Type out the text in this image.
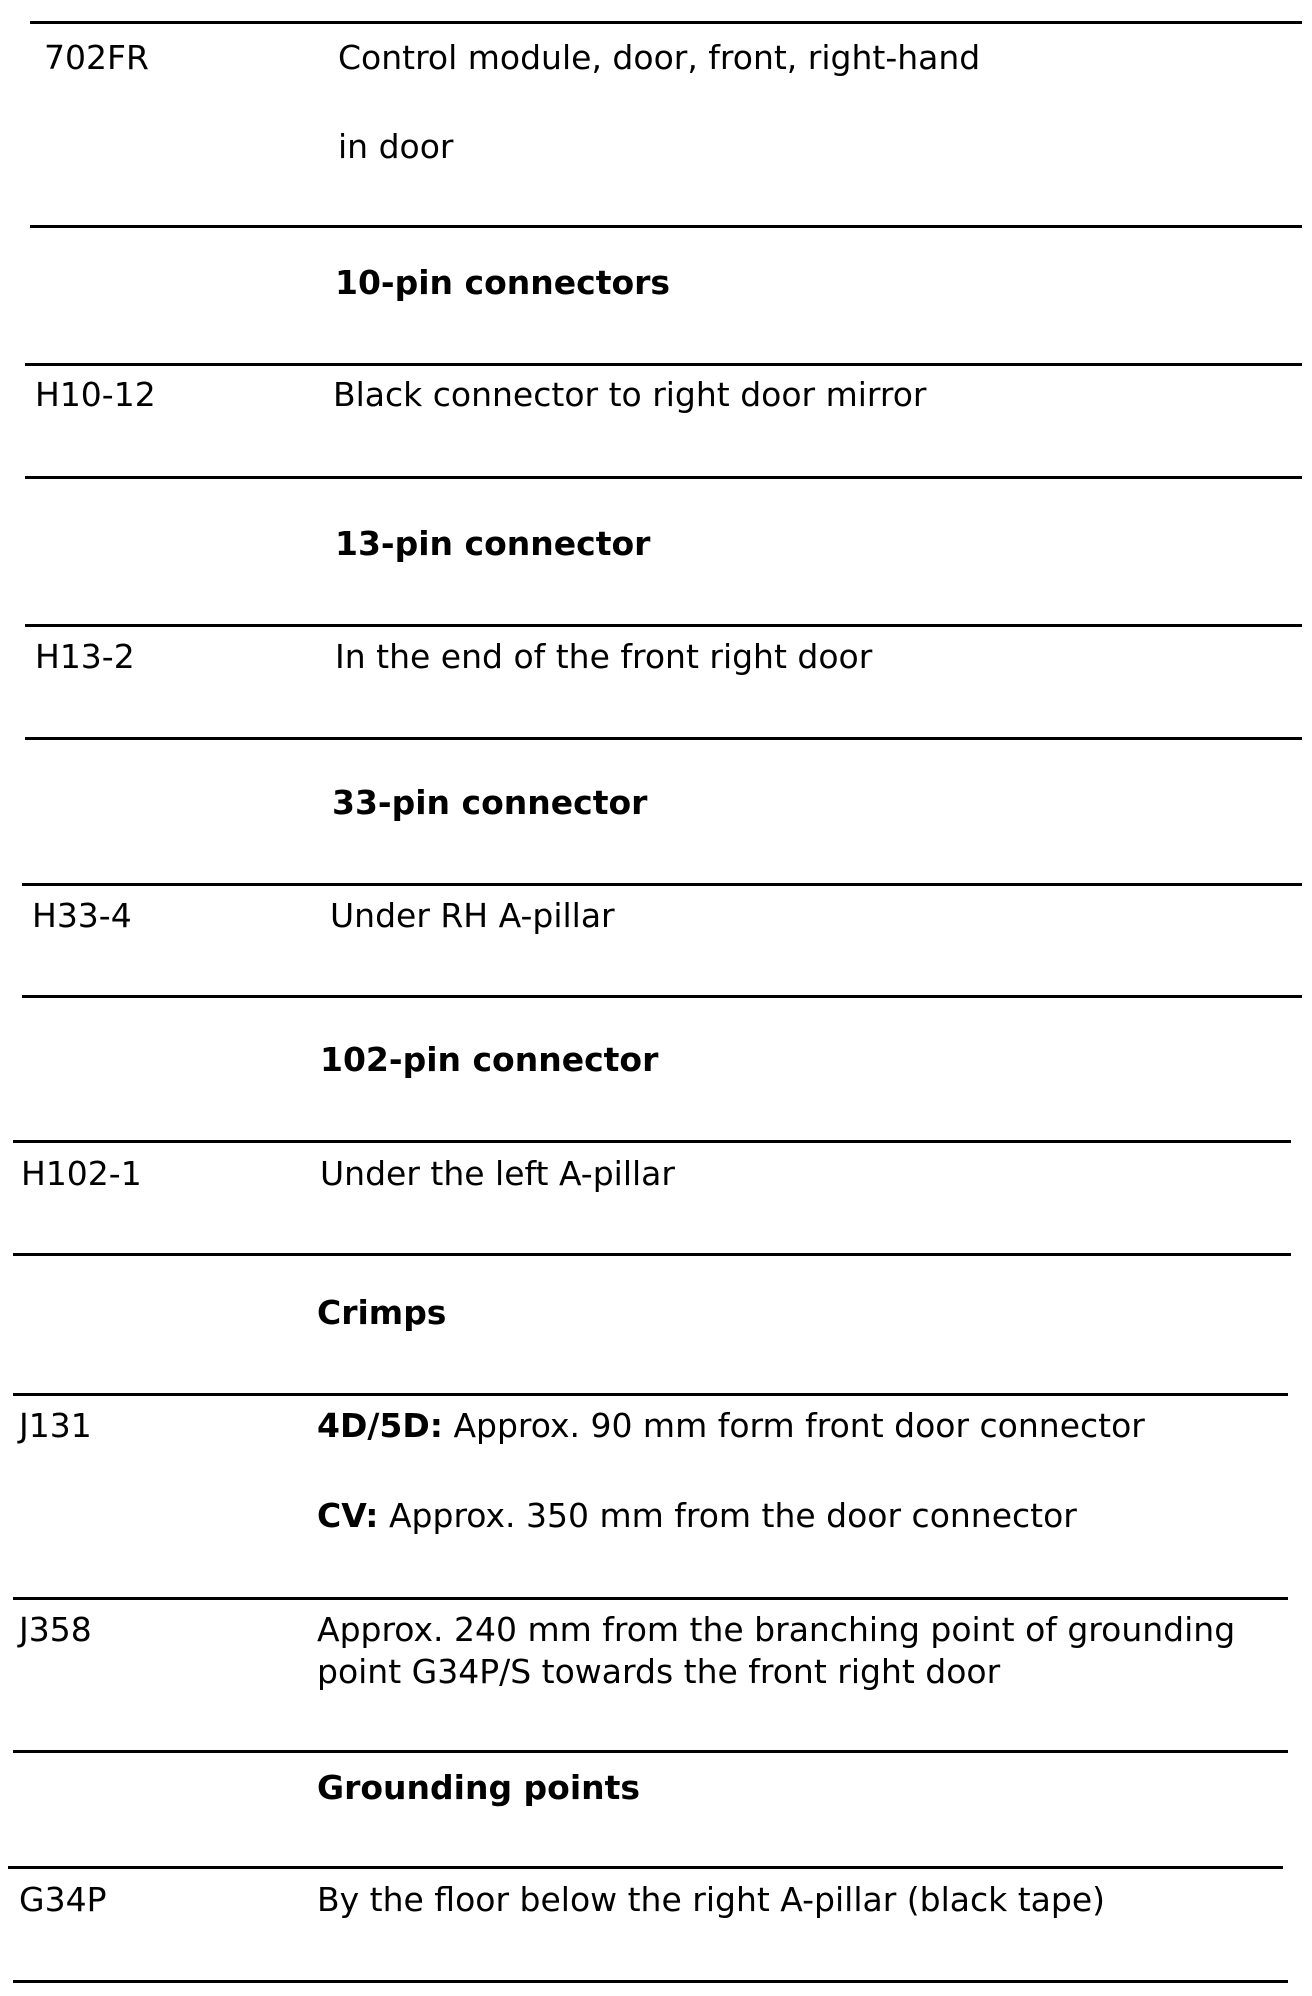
702FR	Control module, door, front, right-hand
in door
10-pin connectors
H10-12	Black connector to right door mirror
13-pin connector
H13-2	In the end of the front right door
33-pin connector
H33-4	Under RH A-pillar
102-pin connector
H102-1	Under the left A-pillar
Crimps
J131	4D/5D: Approx. 90 mm form front door connector
CV: Approx. 350 mm from the door connector
J358	Approx. 240 mm from the branching point of grounding point G34P/S towards the front right door
Grounding points
G34P	By the floor below the right A-pillar (black tape)
